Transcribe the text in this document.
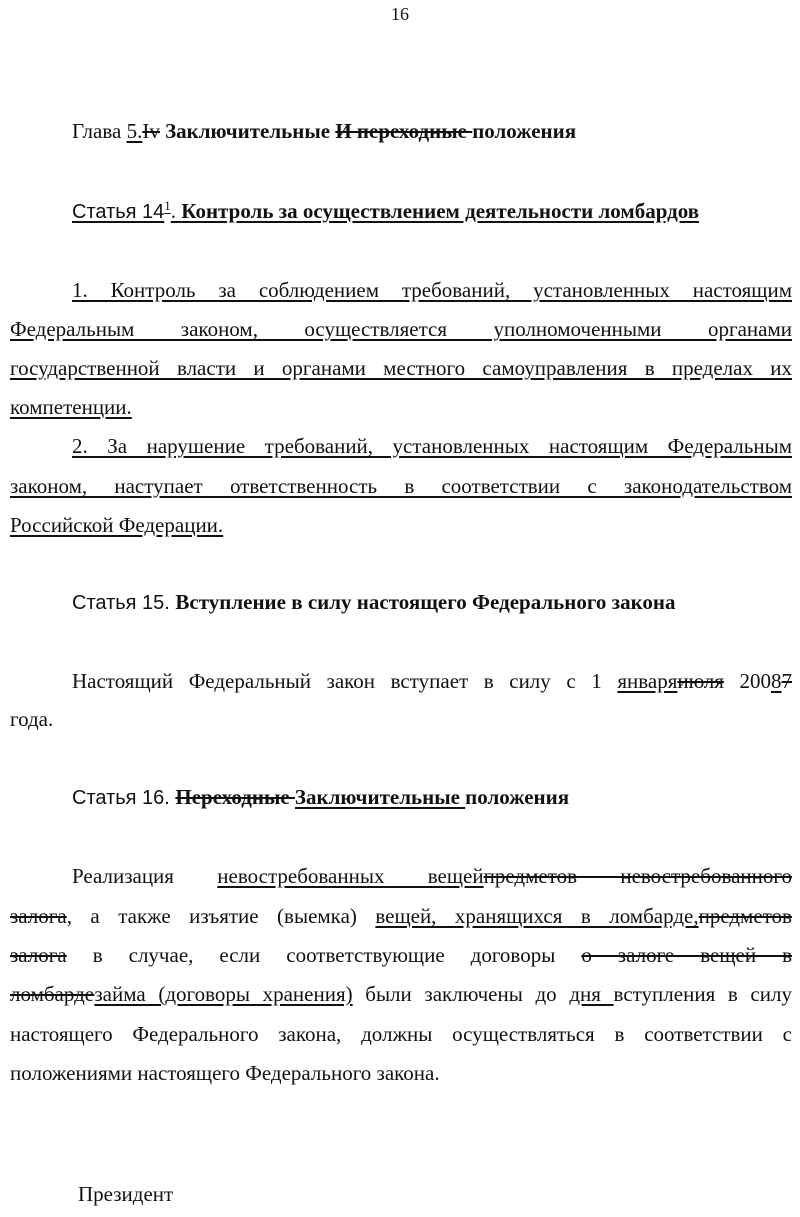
16
Глава 5.Iv Заключительные И переходные положения
Статья $14^1$. Контроль за осуществлением деятельности ломбардов
1. Контроль за соблюдением требований, установленных настоящим
Федеральным законом, осуществляется уполномоченными органами
государственной власти и органами местного самоуправления в пределах их
компетенции.
2. За нарушение требований, установленных настоящим Федеральным
законом, наступает ответственность в соответствии с законодательством
Российской Федерации.
Статья 15. Вступление в силу настоящего Федерального закона
Настоящий Федеральный закон вступает в силу с 1 январяиюля 20087
года.
Статья 16. Переходные Заключительные положения
Реализация невостребованных вещейпредметов невостребованного
залога, а также изъятие (выемка) вещей, хранящихся в ломбарде,предметов
залога в случае, если соответствующие договоры о залоге вещей в
ломбардезайма (договоры хранения) были заключены до дня вступления в силу
настоящего Федерального закона, должны осуществляться в соответствии с
положениями настоящего Федерального закона.
Президент
